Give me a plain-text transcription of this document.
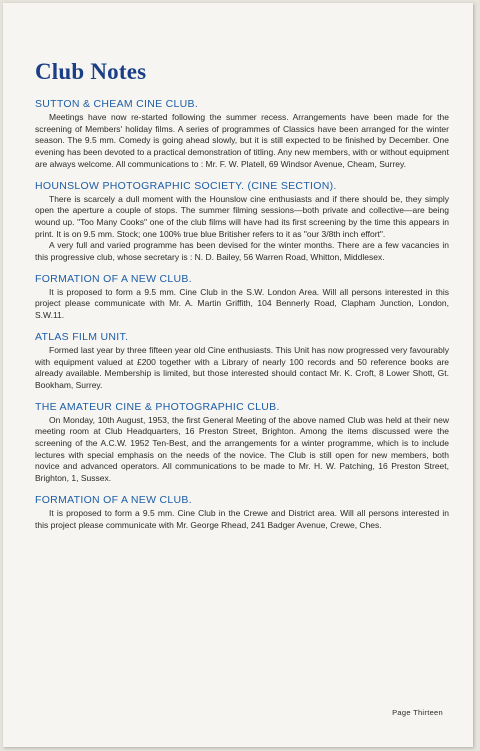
Club Notes
SUTTON & CHEAM CINE CLUB.

Meetings have now re-started following the summer recess. Arrangements have been made for the screening of Members' holiday films. A series of programmes of Classics have been arranged for the winter season. The 9.5 mm. Comedy is going ahead slowly, but it is still expected to be finished by December. One evening has been devoted to a practical demonstration of titling. Any new members, with or without equipment are always welcome. All communications to : Mr. F. W. Platell, 69 Windsor Avenue, Cheam, Surrey.

HOUNSLOW PHOTOGRAPHIC SOCIETY. (CINE SECTION).

There is scarcely a dull moment with the Hounslow cine enthusiasts and if there should be, they simply open the aperture a couple of stops. The summer filming sessions—both private and collective—are being wound up. "Too Many Cooks" one of the club films will have had its first screening by the time this appears in print. It is on 9.5 mm. Stock; one 100% true blue Britisher refers to it as "our 3/8th inch effort".

A very full and varied programme has been devised for the winter months. There are a few vacancies in this progressive club, whose secretary is : N. D. Bailey, 56 Warren Road, Whitton, Middlesex.

FORMATION OF A NEW CLUB.

It is proposed to form a 9.5 mm. Cine Club in the S.W. London Area. Will all persons interested in this project please communicate with Mr. A. Martin Griffith, 104 Bennerly Road, Clapham Junction, London, S.W.11.

ATLAS FILM UNIT.

Formed last year by three fifteen year old Cine enthusiasts. This Unit has now progressed very favourably with equipment valued at £200 together with a Library of nearly 100 records and 50 reference books are already available. Membership is limited, but those interested should contact Mr. K. Croft, 8 Lower Shott, Gt. Bookham, Surrey.

THE AMATEUR CINE & PHOTOGRAPHIC CLUB.

On Monday, 10th August, 1953, the first General Meeting of the above named Club was held at their new meeting room at Club Headquarters, 16 Preston Street, Brighton. Among the items discussed were the screening of the A.C.W. 1952 Ten-Best, and the arrangements for a winter programme, which is to include lectures with special emphasis on the needs of the novice. The Club is still open for new members, both novice and advanced operators. All communications to be made to Mr. H. W. Patching, 16 Preston Street, Brighton, 1, Sussex.

FORMATION OF A NEW CLUB.

It is proposed to form a 9.5 mm. Cine Club in the Crewe and District area. Will all persons interested in this project please communicate with Mr. George Rhead, 241 Badger Avenue, Crewe, Ches.

Page Thirteen
